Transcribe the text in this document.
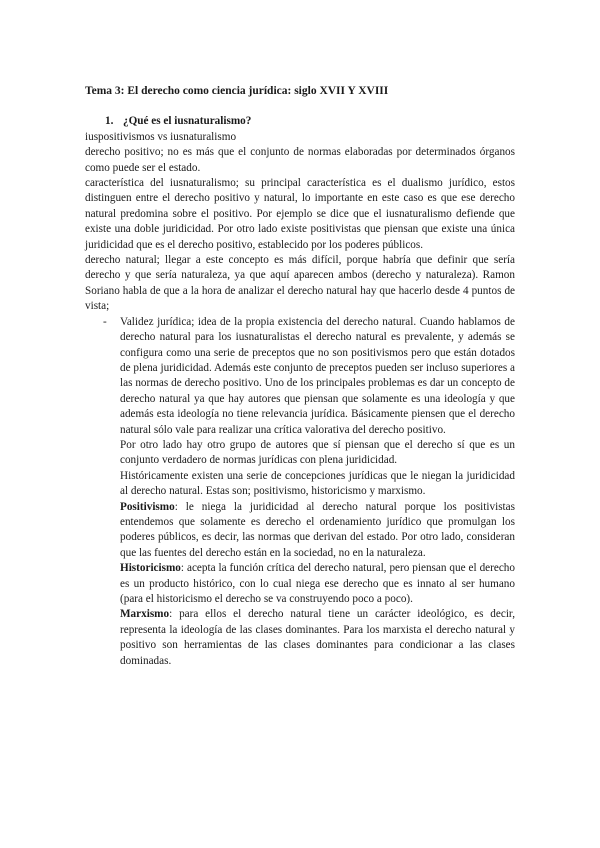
Tema 3: El derecho como ciencia jurídica: siglo XVII Y XVIII
1. ¿Qué es el iusnaturalismo?

iuspositivismos vs iusnaturalismo

derecho positivo; no es más que el conjunto de normas elaboradas por determinados órganos como puede ser el estado.

característica del iusnaturalismo; su principal característica es el dualismo jurídico, estos distinguen entre el derecho positivo y natural, lo importante en este caso es que ese derecho natural predomina sobre el positivo. Por ejemplo se dice que el iusnaturalismo defiende que existe una doble juridicidad. Por otro lado existe positivistas que piensan que existe una única juridicidad que es el derecho positivo, establecido por los poderes públicos.

derecho natural; llegar a este concepto es más difícil, porque habría que definir que sería derecho y que sería naturaleza, ya que aquí aparecen ambos (derecho y naturaleza). Ramon Soriano habla de que a la hora de analizar el derecho natural hay que hacerlo desde 4 puntos de vista;

- Validez jurídica; idea de la propia existencia del derecho natural. Cuando hablamos de derecho natural para los iusnaturalistas el derecho natural es prevalente, y además se configura como una serie de preceptos que no son positivismos pero que están dotados de plena juridicidad. Además este conjunto de preceptos pueden ser incluso superiores a las normas de derecho positivo. Uno de los principales problemas es dar un concepto de derecho natural ya que hay autores que piensan que solamente es una ideología y que además esta ideología no tiene relevancia jurídica. Básicamente piensen que el derecho natural sólo vale para realizar una crítica valorativa del derecho positivo.

Por otro lado hay otro grupo de autores que sí piensan que el derecho sí que es un conjunto verdadero de normas jurídicas con plena juridicidad.

Históricamente existen una serie de concepciones jurídicas que le niegan la juridicidad al derecho natural. Estas son; positivismo, historicismo y marxismo.

Positivismo: le niega la juridicidad al derecho natural porque los positivistas entendemos que solamente es derecho el ordenamiento jurídico que promulgan los poderes públicos, es decir, las normas que derivan del estado. Por otro lado, consideran que las fuentes del derecho están en la sociedad, no en la naturaleza.

Historicismo: acepta la función crítica del derecho natural, pero piensan que el derecho es un producto histórico, con lo cual niega ese derecho que es innato al ser humano (para el historicismo el derecho se va construyendo poco a poco).

Marxismo: para ellos el derecho natural tiene un carácter ideológico, es decir, representa la ideología de las clases dominantes. Para los marxista el derecho natural y positivo son herramientas de las clases dominantes para condicionar a las clases dominadas.
